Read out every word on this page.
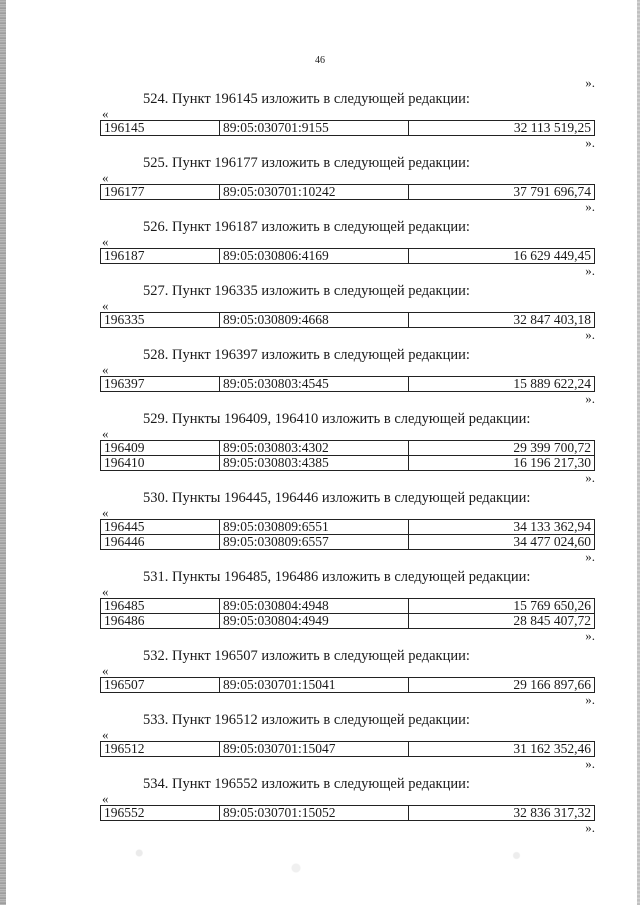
46
».
524. Пункт 196145 изложить в следующей редакции:
«
196145	89:05:030701:9155	32 113 519,25
».
525. Пункт 196177 изложить в следующей редакции:
«
196177	89:05:030701:10242	37 791 696,74
».
526. Пункт 196187 изложить в следующей редакции:
«
196187	89:05:030806:4169	16 629 449,45
».
527. Пункт 196335 изложить в следующей редакции:
«
196335	89:05:030809:4668	32 847 403,18
».
528. Пункт 196397 изложить в следующей редакции:
«
196397	89:05:030803:4545	15 889 622,24
».
529. Пункты 196409, 196410 изложить в следующей редакции:
«
196409	89:05:030803:4302	29 399 700,72
196410	89:05:030803:4385	16 196 217,30
».
530. Пункты 196445, 196446 изложить в следующей редакции:
«
196445	89:05:030809:6551	34 133 362,94
196446	89:05:030809:6557	34 477 024,60
».
531. Пункты 196485, 196486 изложить в следующей редакции:
«
196485	89:05:030804:4948	15 769 650,26
196486	89:05:030804:4949	28 845 407,72
».
532. Пункт 196507 изложить в следующей редакции:
«
196507	89:05:030701:15041	29 166 897,66
».
533. Пункт 196512 изложить в следующей редакции:
«
196512	89:05:030701:15047	31 162 352,46
».
534. Пункт 196552 изложить в следующей редакции:
«
196552	89:05:030701:15052	32 836 317,32
».
